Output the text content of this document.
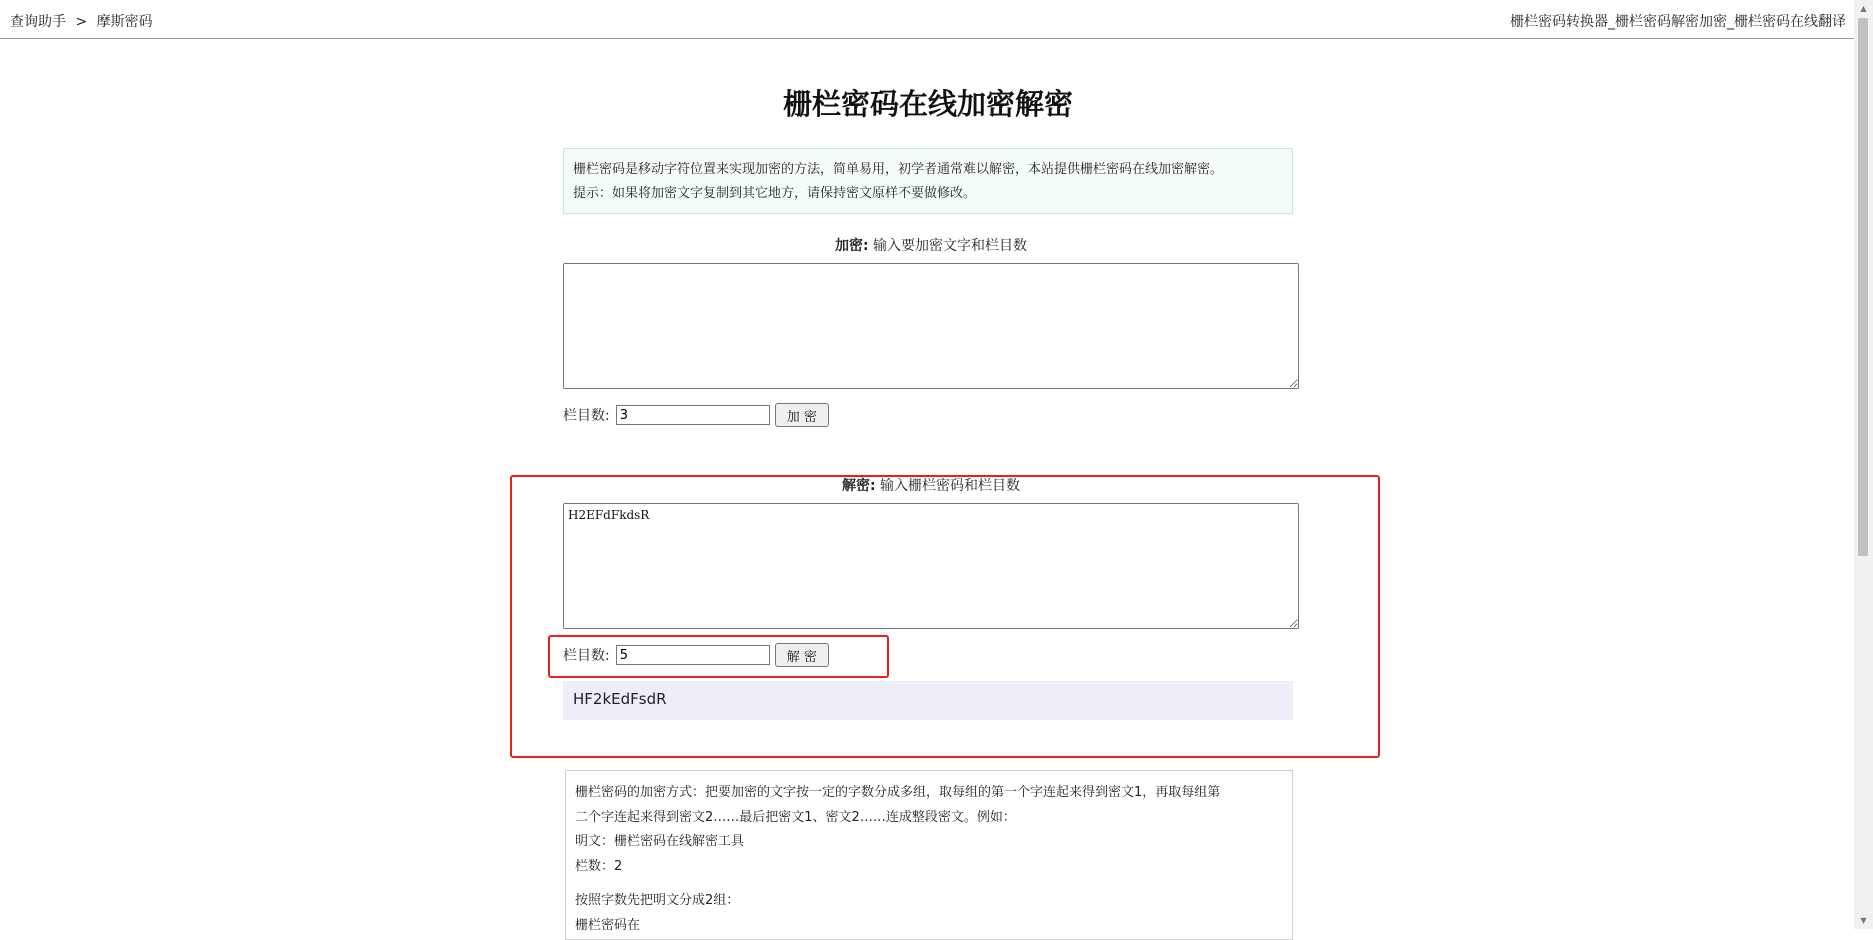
查询助手 > 摩斯密码	栅栏密码转换器_栅栏密码解密加密_栅栏密码在线翻译
▲
▼
栅栏密码在线加密解密
栅栏密码是移动字符位置来实现加密的方法，简单易用，初学者通常难以解密，本站提供栅栏密码在线加密解密。
提示：如果将加密文字复制到其它地方，请保持密文原样不要做修改。
加密: 输入要加密文字和栏目数
栏目数:
3	加 密
解密: 输入栅栏密码和栏目数
H2EFdFkdsR
栏目数:
5	解 密
HF2kEdFsdR

栅栏密码的加密方式：把要加密的文字按一定的字数分成多组，取每组的第一个字连起来得到密文1，再取每组第

二个字连起来得到密文2……最后把密文1、密文2……连成整段密文。例如：

明文：栅栏密码在线解密工具

栏数：2

按照字数先把明文分成2组：

栅栏密码在
